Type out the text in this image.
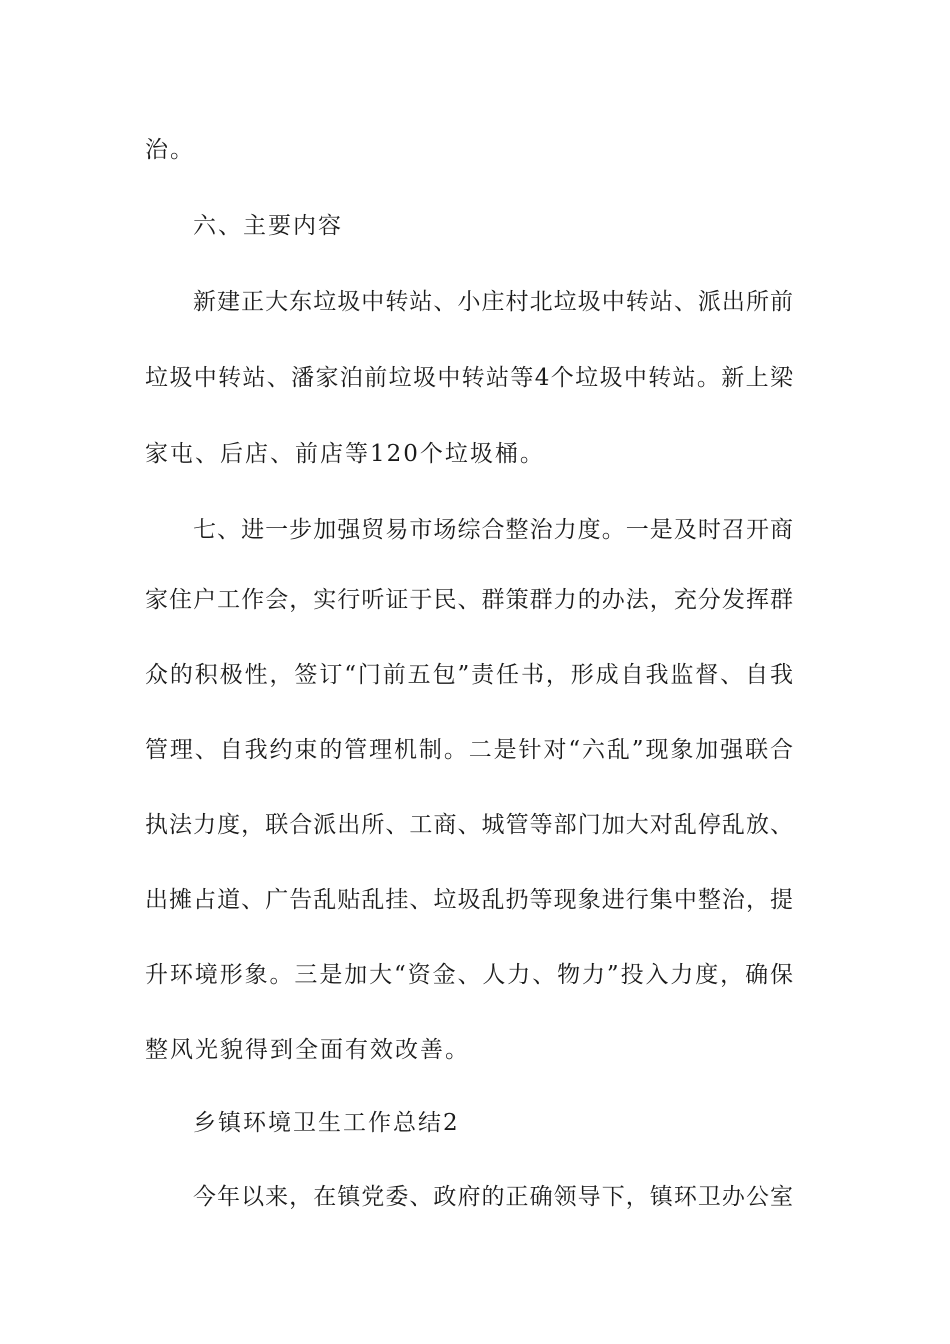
治。
六、主要内容
新建正大东垃圾中转站、小庄村北垃圾中转站、派出所前
垃圾中转站、潘家泊前垃圾中转站等4个垃圾中转站。新上梁
家屯、后店、前店等120个垃圾桶。
七、进一步加强贸易市场综合整治力度。一是及时召开商
家住户工作会，实行听证于民、群策群力的办法，充分发挥群
众的积极性，签订“门前五包”责任书，形成自我监督、自我
管理、自我约束的管理机制。二是针对“六乱”现象加强联合
执法力度，联合派出所、工商、城管等部门加大对乱停乱放、
出摊占道、广告乱贴乱挂、垃圾乱扔等现象进行集中整治，提
升环境形象。三是加大“资金、人力、物力”投入力度，确保
整风光貌得到全面有效改善。
乡镇环境卫生工作总结2
今年以来，在镇党委、政府的正确领导下，镇环卫办公室
